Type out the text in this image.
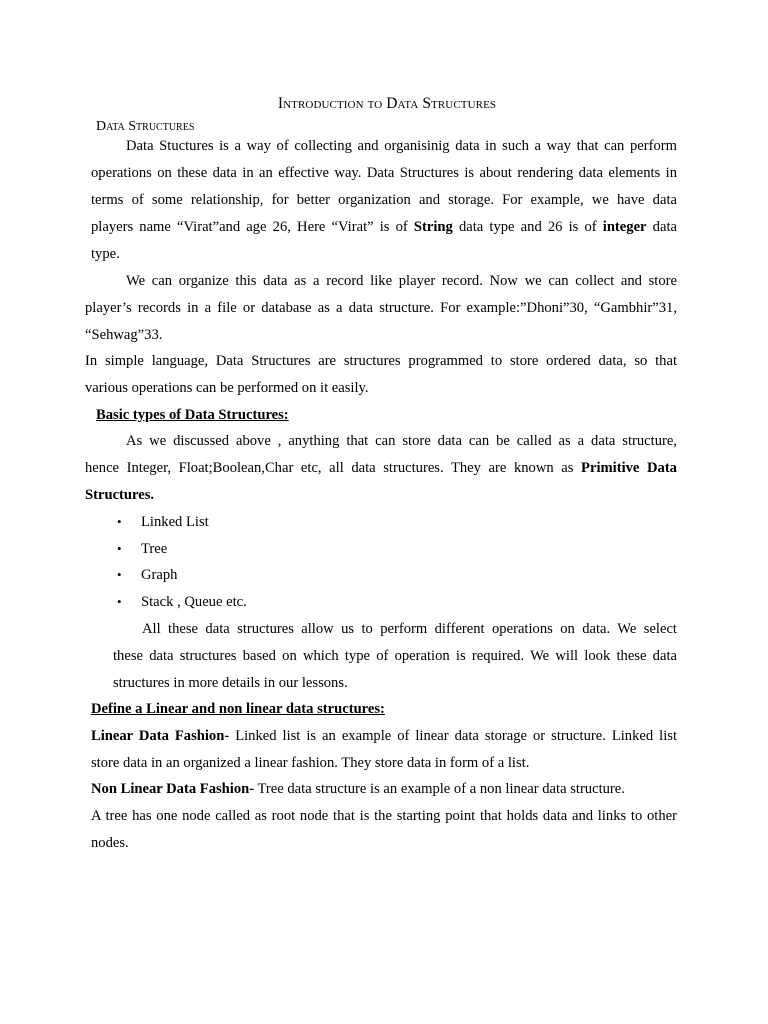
Introduction to Data Structures
Data Structures
Data Stuctures is a way of collecting and organisinig data in such a way that can perform
operations on these data in an effective way. Data Structures is about rendering data elements in
terms of some relationship, for better organization and storage. For example, we have data
players name “Virat”and age 26, Here “Virat” is of String data type and 26 is of integer data
type.
We can organize this data as a record like player record. Now we can collect and store
player’s records in a file or database as a data structure. For example:”Dhoni”30, “Gambhir”31,
“Sehwag”33.
In simple language, Data Structures are structures programmed to store ordered data, so that
various operations can be performed on it easily.
Basic types of Data Structures:
As we discussed above , anything that can store data can be called as a data structure,
hence Integer, Float;Boolean,Char etc, all data structures. They are known as Primitive Data
Structures.
• Linked List
• Tree
• Graph
• Stack , Queue etc.
All these data structures allow us to perform different operations on data. We select
these data structures based on which type of operation is required. We will look these data
structures in more details in our lessons.
Define a Linear and non linear data structures:
Linear Data Fashion- Linked list is an example of linear data storage or structure. Linked list
store data in an organized a linear fashion. They store data in form of a list.
Non Linear Data Fashion- Tree data structure is an example of a non linear data structure.
A tree has one node called as root node that is the starting point that holds data and links to other
nodes.
